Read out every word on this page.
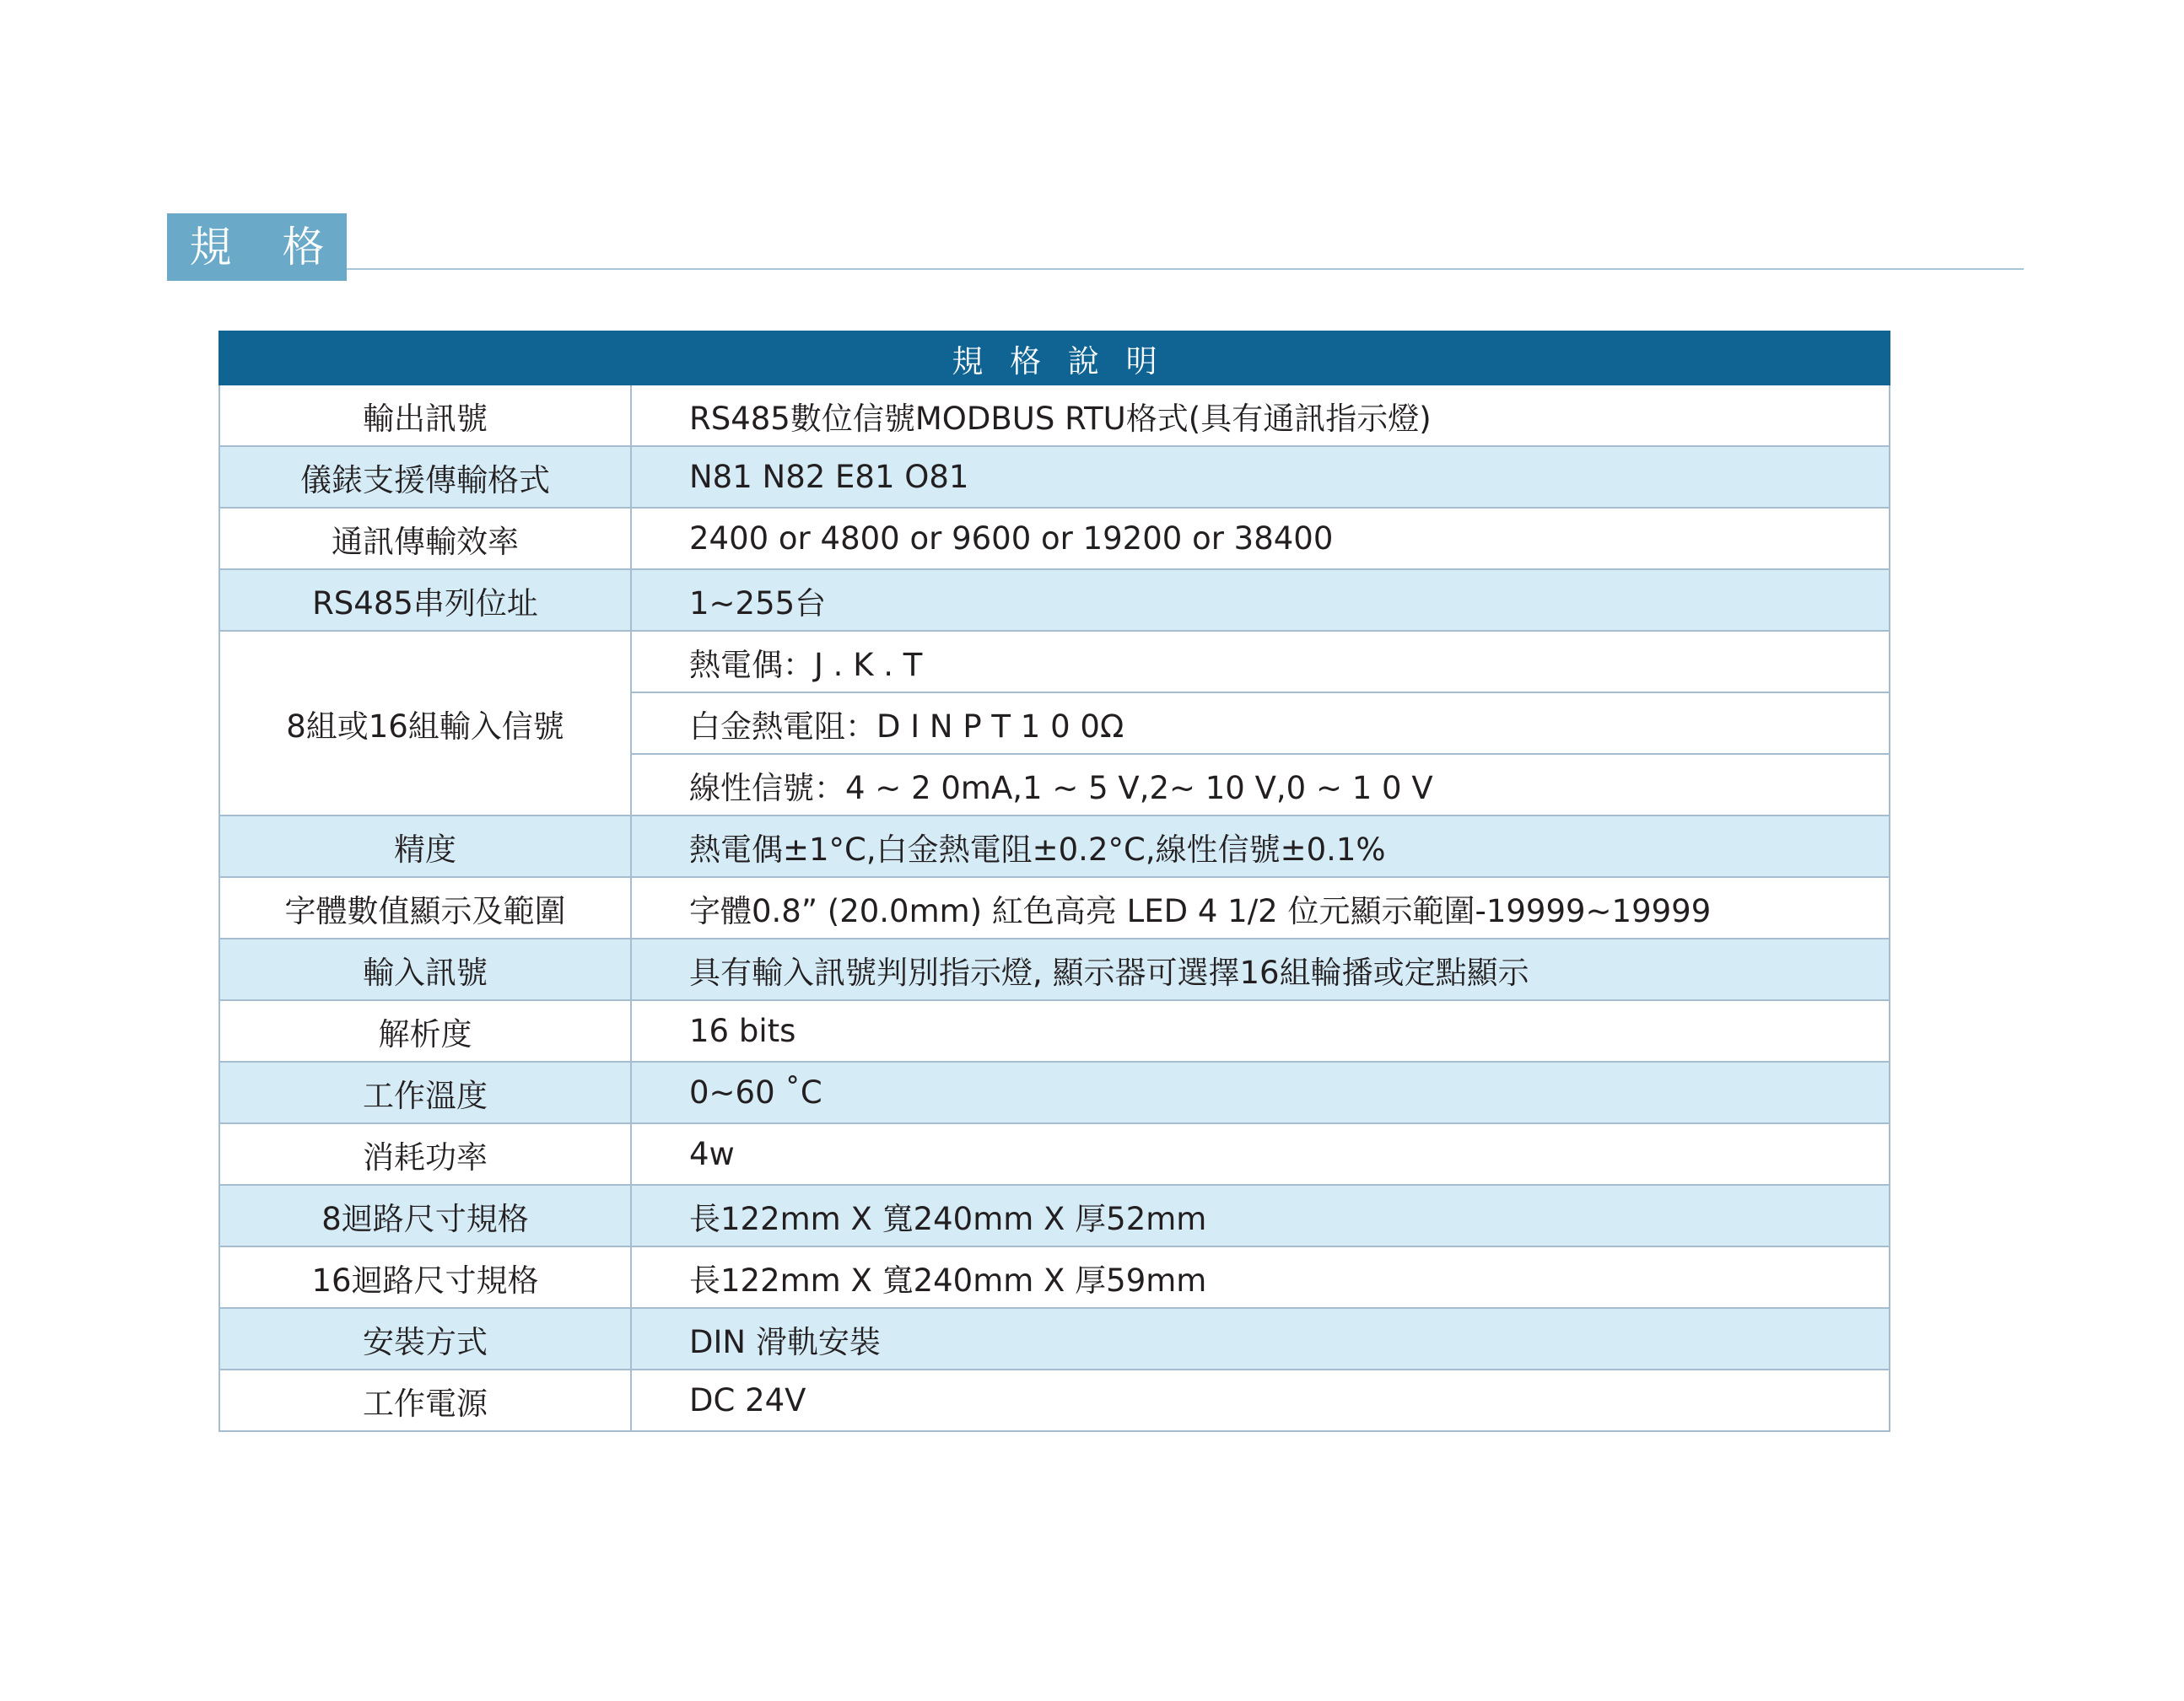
規 格
規 格 說 明	
輸出訊號	RS485數位信號MODBUS RTU格式(具有通訊指示燈)
儀錶支援傳輸格式	N81 N82 E81 O81
通訊傳輸效率	2400 or 4800 or 9600 or 19200 or 38400
RS485串列位址	1~255台
8組或16組輸入信號	熱電偶：J . K . T
	白金熱電阻：D I N P T 1 0 0Ω
	線性信號：4 ~ 2 0mA,1 ~ 5 V,2~ 10 V,0 ~ 1 0 V
精度	熱電偶±1°C,白金熱電阻±0.2°C,線性信號±0.1%
字體數值顯示及範圍	字體0.8” (20.0mm) 紅色高亮 LED 4 1/2 位元顯示範圍-19999~19999
輸入訊號	具有輸入訊號判別指示燈, 顯示器可選擇16組輪播或定點顯示
解析度	16 bits
工作溫度	0~60 ˚C
消耗功率	4w
8迴路尺寸規格	長122mm X 寬240mm X 厚52mm
16迴路尺寸規格	長122mm X 寬240mm X 厚59mm
安裝方式	DIN 滑軌安裝
工作電源	DC 24V
